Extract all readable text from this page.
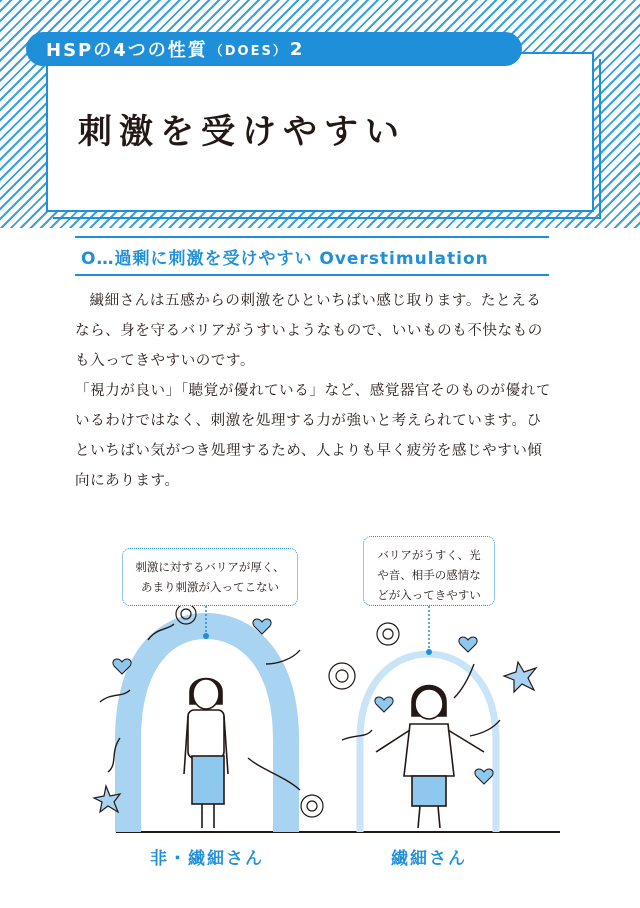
HSPの4つの性質 （DOES） 2
刺激を受けやすい
O…過剰に刺激を受けやすい Overstimulation

繊細さんは五感からの刺激をひといちばい感じ取ります。たとえるなら、身を守るバリアがうすいようなもので、いいものも不快なものも入ってきやすいのです。

「視力が良い」「聴覚が優れている」など、感覚器官そのものが優れているわけではなく、刺激を処理する力が強いと考えられています。ひといちばい気がつき処理するため、人よりも早く疲労を感じやすい傾向にあります。

刺激に対するバリアが厚く、
あまり刺激が入ってこない
バリアがうすく、光
や音、相手の感情な
どが入ってきやすい
非・繊細さん	繊細さん
